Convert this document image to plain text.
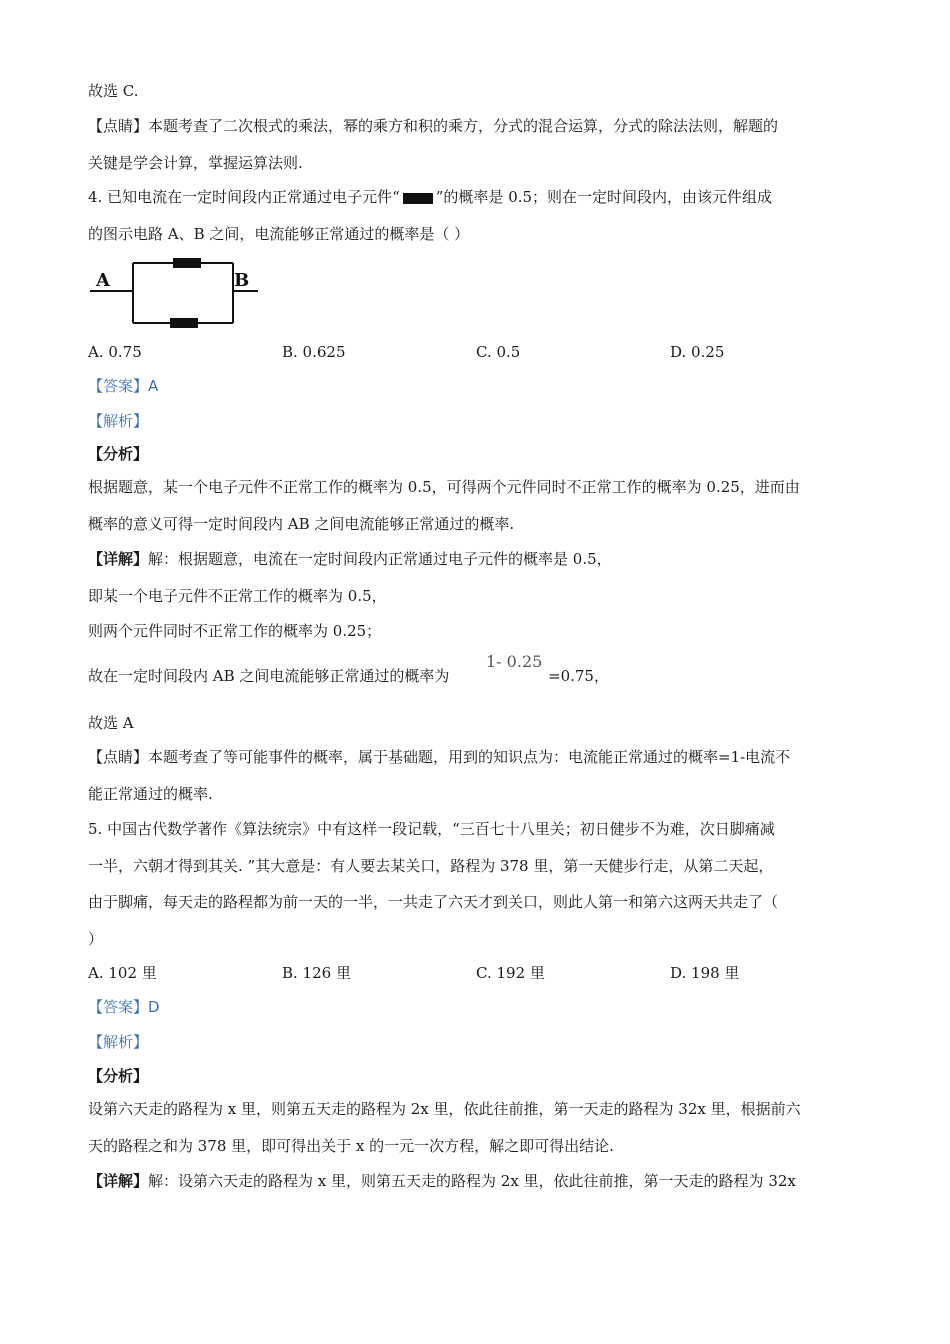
故选 C.
【点睛】本题考查了二次根式的乘法，幂的乘方和积的乘方，分式的混合运算，分式的除法法则，解题的
关键是学会计算，掌握运算法则.
4. 已知电流在一定时间段内正常通过电子元件“ ”的概率是 0.5；则在一定时间段内，由该元件组成
的图示电路 A、B 之间，电流能够正常通过的概率是（ ）
A	B
A. 0.75	B. 0.625	C. 0.5	D. 0.25
【答案】A
【解析】
【分析】
根据题意，某一个电子元件不正常工作的概率为 0.5，可得两个元件同时不正常工作的概率为 0.25，进而由
概率的意义可得一定时间段内 AB 之间电流能够正常通过的概率.
【详解】解：根据题意，电流在一定时间段内正常通过电子元件的概率是 0.5，
即某一个电子元件不正常工作的概率为 0.5，
则两个元件同时不正常工作的概率为 0.25；
故在一定时间段内 AB 之间电流能够正常通过的概率为
1- 0.25
=0.75，
故选 A
【点睛】本题考查了等可能事件的概率，属于基础题，用到的知识点为：电流能正常通过的概率=1-电流不
能正常通过的概率.
5. 中国古代数学著作《算法统宗》中有这样一段记载，“三百七十八里关；初日健步不为难，次日脚痛减
一半，六朝才得到其关. ”其大意是：有人要去某关口，路程为 378 里，第一天健步行走，从第二天起，
由于脚痛，每天走的路程都为前一天的一半，一共走了六天才到关口，则此人第一和第六这两天共走了（
）
A. 102 里	B. 126 里	C. 192 里	D. 198 里
【答案】D
【解析】
【分析】
设第六天走的路程为 x 里，则第五天走的路程为 2x 里，依此往前推，第一天走的路程为 32x 里，根据前六
天的路程之和为 378 里，即可得出关于 x 的一元一次方程，解之即可得出结论.
【详解】解：设第六天走的路程为 x 里，则第五天走的路程为 2x 里，依此往前推，第一天走的路程为 32x
